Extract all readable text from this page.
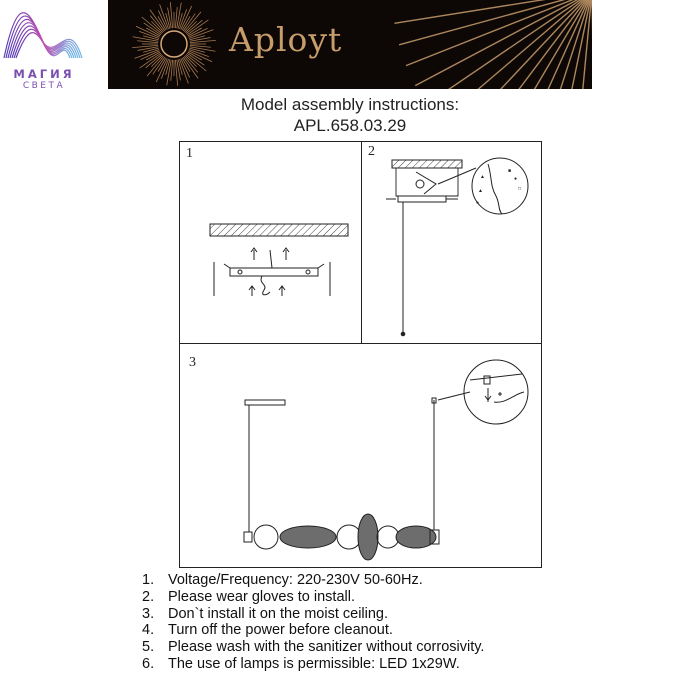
МАГИЯ
СВЕТА
Aployt
Model assembly instructions:
APL.658.03.29
■
●
□
▲
▲
●
1	2
3
1. Voltage/Frequency: 220-230V 50-60Hz.
2. Please wear gloves to install.
3. Don`t install it on the moist ceiling.
4. Turn off the power before cleanout.
5. Please wash with the sanitizer without corrosivity.
6. The use of lamps is permissible: LED 1x29W.
